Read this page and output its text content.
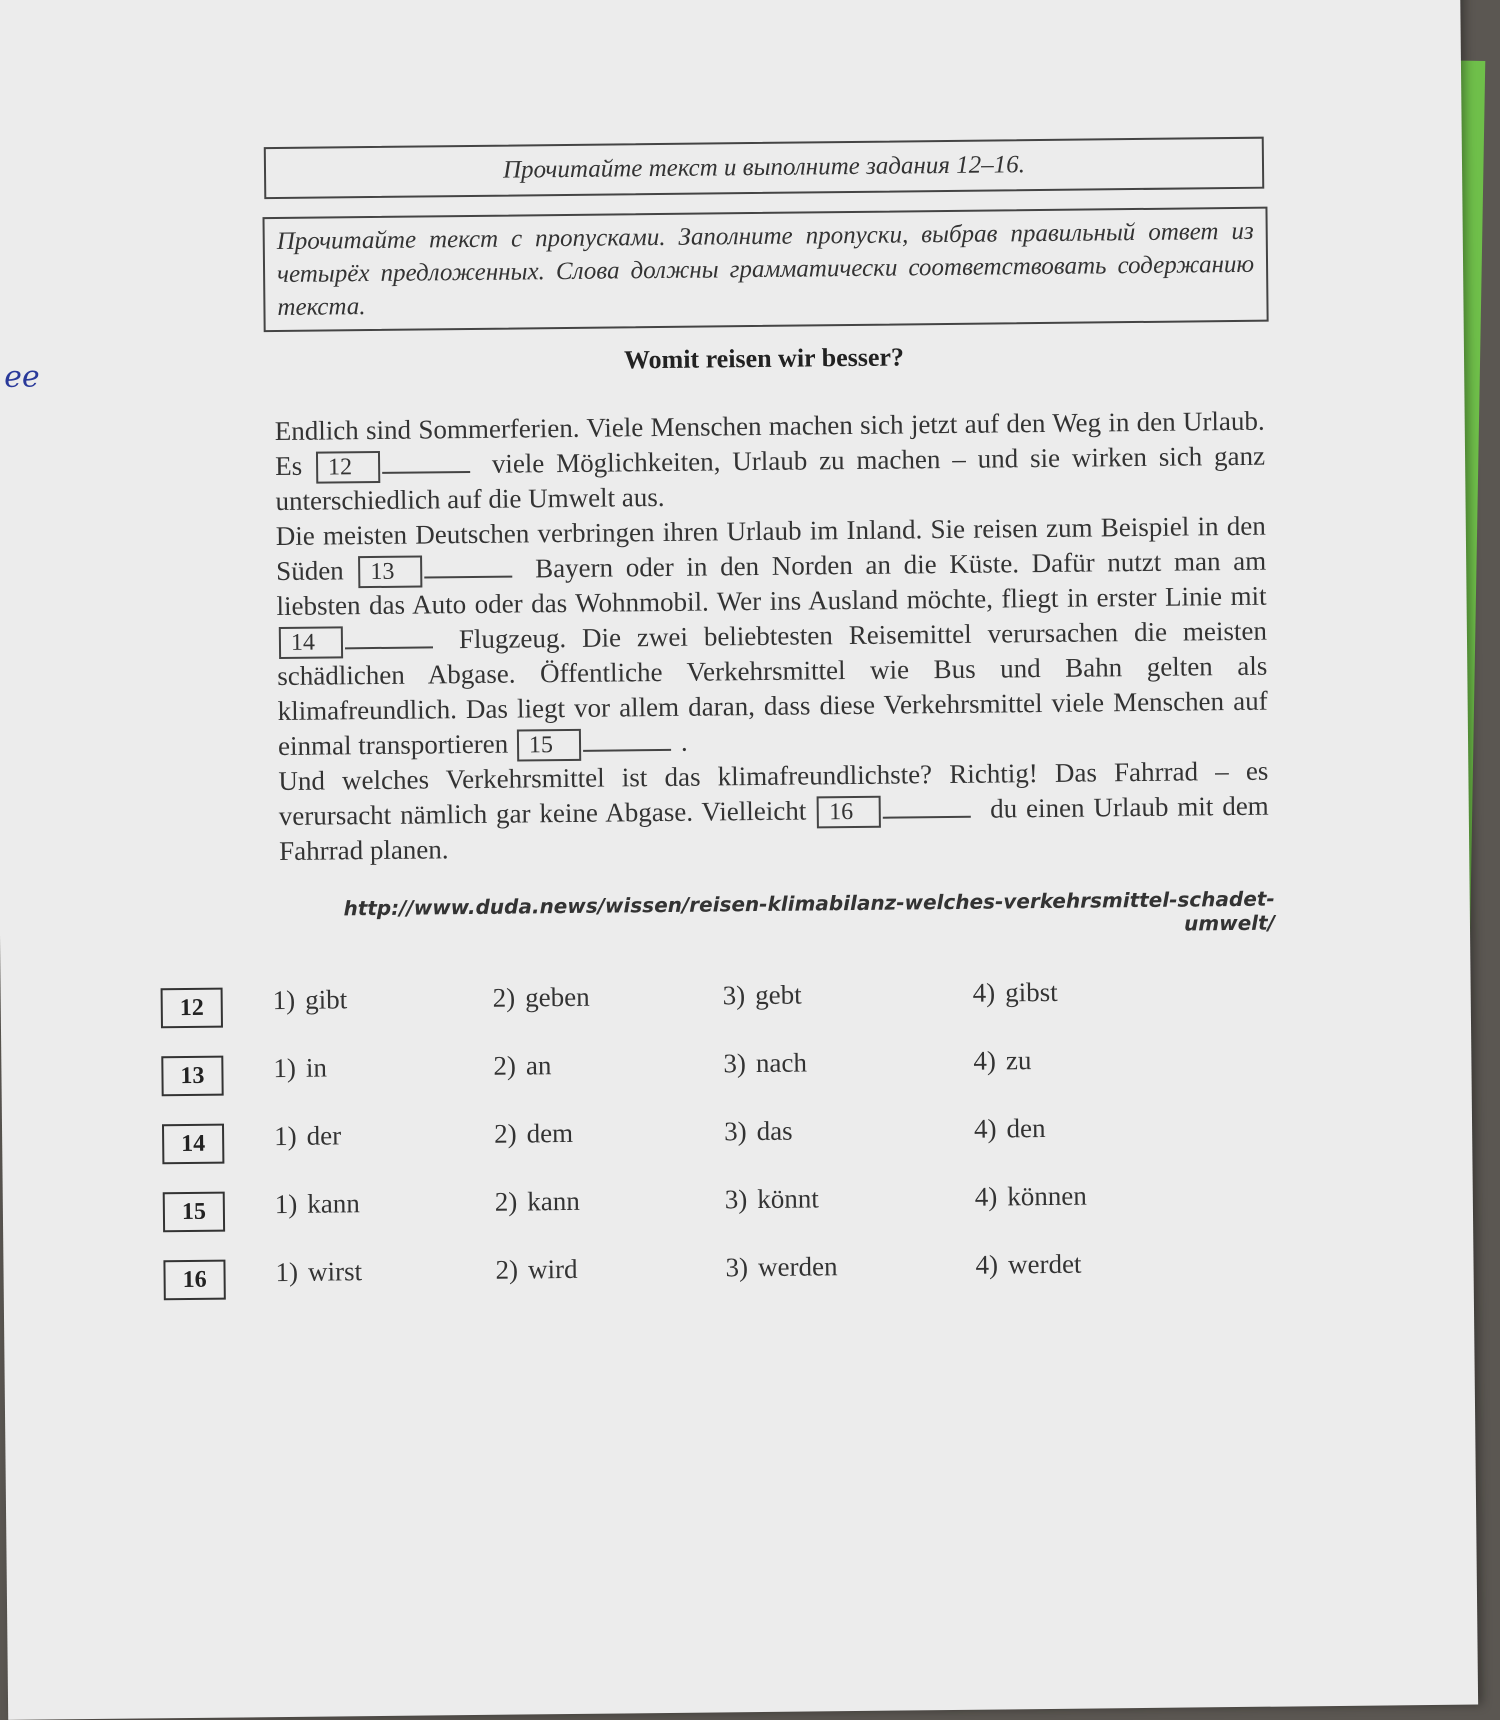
ee
Прочитайте текст и выполните задания 12–16.
Прочитайте текст с пропусками. Заполните пропуски, выбрав правильный ответ из четырёх предложенных. Слова должны грамматически соответствовать содержанию текста.
Womit reisen wir besser?

Endlich sind Sommerferien. Viele Menschen machen sich jetzt auf den Weg in den Urlaub. Es 12	viele Möglichkeiten, Urlaub zu machen – und sie wirken sich ganz unterschiedlich auf die Umwelt aus.

Die meisten Deutschen verbringen ihren Urlaub im Inland. Sie reisen zum Beispiel in den Süden 13	Bayern oder in den Norden an die Küste. Dafür nutzt man am liebsten das Auto oder das Wohnmobil. Wer ins Ausland möchte, fliegt in erster Linie mit 14	Flugzeug. Die zwei beliebtesten Reisemittel verursachen die meisten schädlichen Abgase. Öffentliche Verkehrsmittel wie Bus und Bahn gelten als klimafreundlich. Das liegt vor allem daran, dass diese Verkehrsmittel viele Menschen auf einmal transportieren 15	.

Und welches Verkehrsmittel ist das klimafreundlichste? Richtig! Das Fahrrad – es verursacht nämlich gar keine Abgase. Vielleicht 16	du einen Urlaub mit dem Fahrrad planen.

http://www.duda.news/wissen/reisen-klimabilanz-welches-verkehrsmittel-schadet-umwelt/
12	1) gibt	2) geben	3) gebt	4) gibst
13	1) in	2) an	3) nach	4) zu
14	1) der	2) dem	3) das	4) den
15	1) kann	2) kann	3) könnt	4) können
16	1) wirst	2) wird	3) werden	4) werdet
